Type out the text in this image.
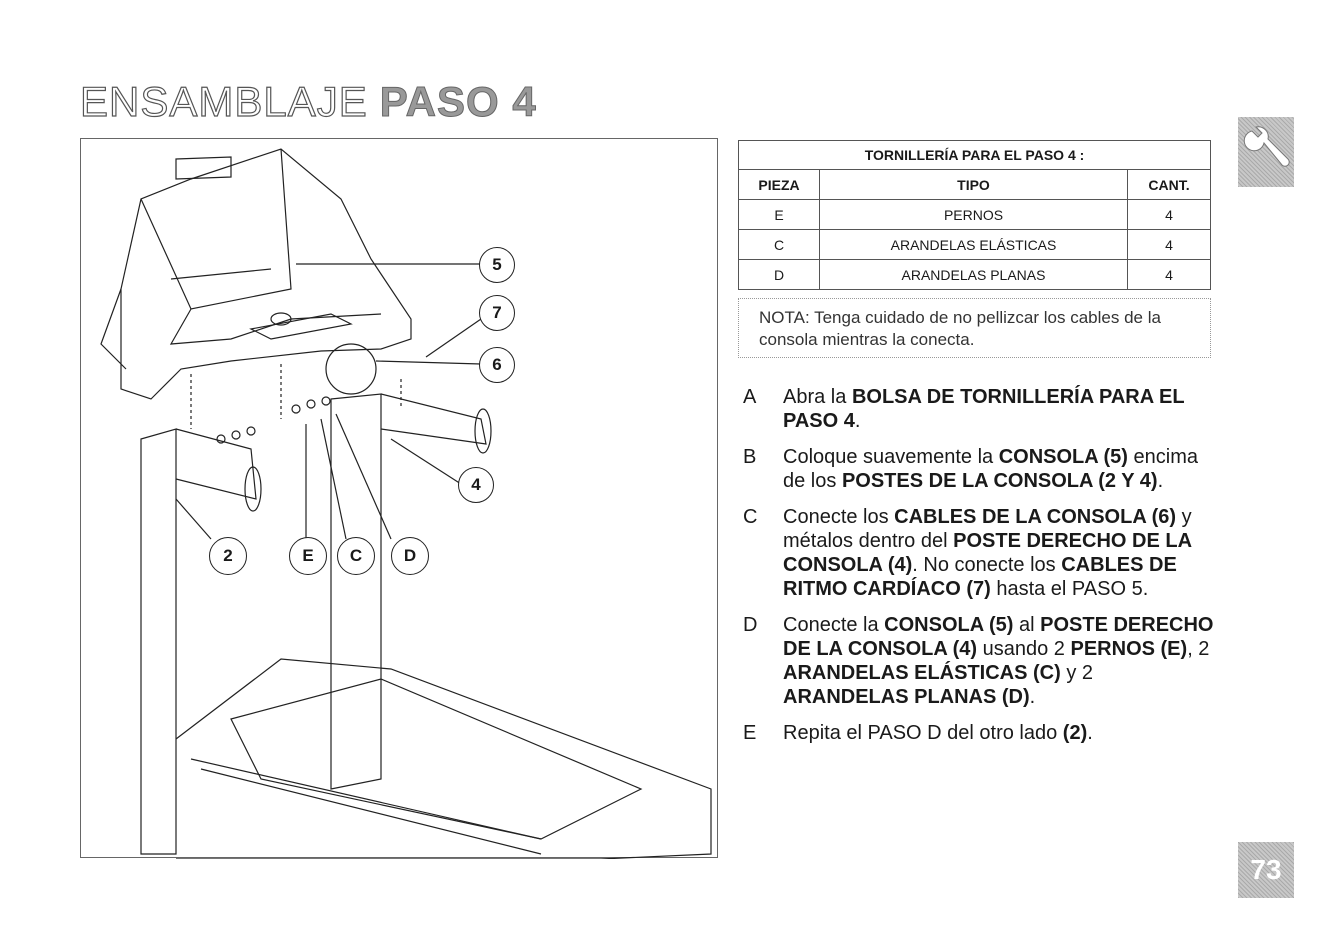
ENSAMBLAJE PASO 4
5
7
6
4
2	E C D
TORNILLERÍA PARA EL PASO 4 :		
PIEZA	TIPO	CANT.
E	PERNOS	4
C	ARANDELAS ELÁSTICAS	4
D	ARANDELAS PLANAS	4
NOTA: Tenga cuidado de no pellizcar los cables de la consola mientras la conecta.
A Abra la BOLSA DE TORNILLERÍA PARA EL PASO 4.
B Coloque suavemente la CONSOLA (5) encima de los POSTES DE LA CONSOLA (2 Y 4).
C Conecte los CABLES DE LA CONSOLA (6) y métalos dentro del POSTE DERECHO DE LA CONSOLA (4). No conecte los CABLES DE RITMO CARDÍACO (7) hasta el PASO 5.
D Conecte la CONSOLA (5) al POSTE DERECHO DE LA CONSOLA (4) usando 2 PERNOS (E), 2 ARANDELAS ELÁSTICAS (C) y 2 ARANDELAS PLANAS (D).
E Repita el PASO D del otro lado (2).
73
